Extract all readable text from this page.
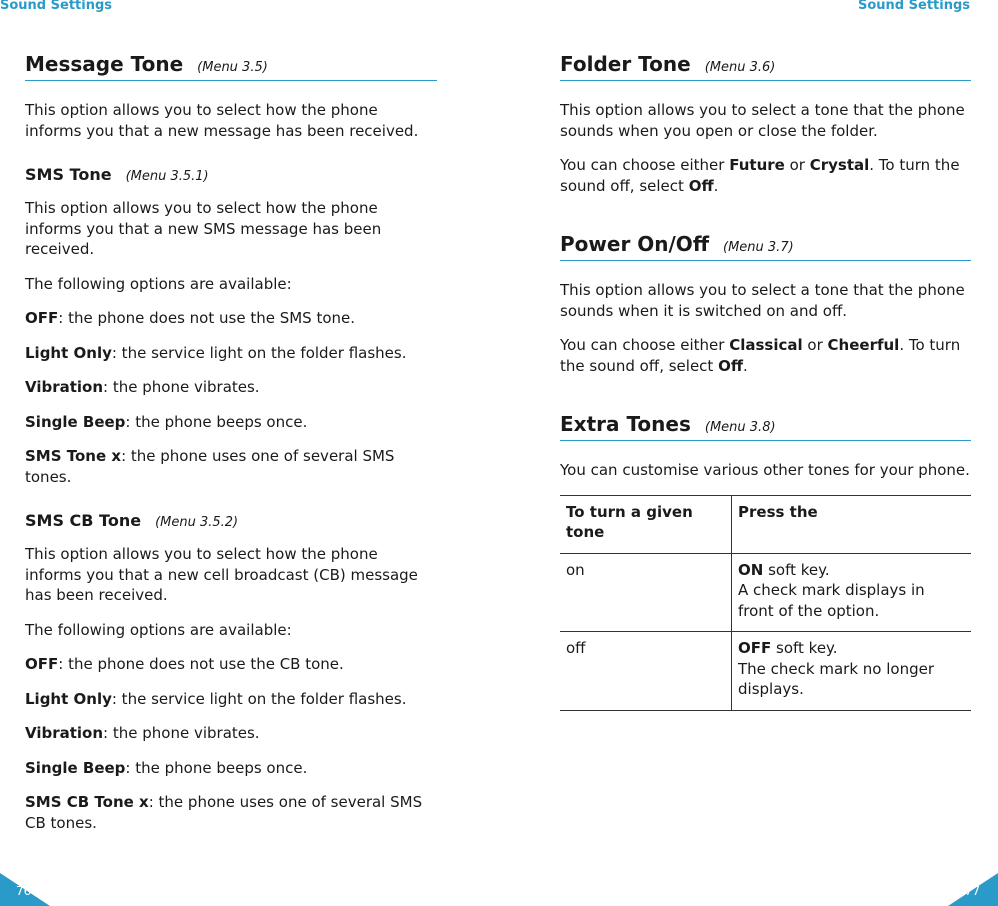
Sound Settings
Message Tone (Menu 3.5)

This option allows you to select how the phone informs you that a new message has been received.

SMS Tone (Menu 3.5.1)

This option allows you to select how the phone informs you that a new SMS message has been received.

The following options are available:

OFF: the phone does not use the SMS tone.

Light Only: the service light on the folder flashes.

Vibration: the phone vibrates.

Single Beep: the phone beeps once.

SMS Tone x: the phone uses one of several SMS tones.

SMS CB Tone (Menu 3.5.2)

This option allows you to select how the phone informs you that a new cell broadcast (CB) message has been received.

The following options are available:

OFF: the phone does not use the CB tone.

Light Only: the service light on the folder flashes.

Vibration: the phone vibrates.

Single Beep: the phone beeps once.

SMS CB Tone x: the phone uses one of several SMS CB tones.

76
Sound Settings
Folder Tone (Menu 3.6)

This option allows you to select a tone that the phone sounds when you open or close the folder.

You can choose either Future or Crystal. To turn the sound off, select Off.

Power On/Off (Menu 3.7)

This option allows you to select a tone that the phone sounds when it is switched on and off.

You can choose either Classical or Cheerful. To turn the sound off, select Off.

Extra Tones (Menu 3.8)

You can customise various other tones for your phone.

To turn a given tone	Press the
on	ON soft key.
A check mark displays in front of the option.
off	OFF soft key.
The check mark no longer displays.
77
